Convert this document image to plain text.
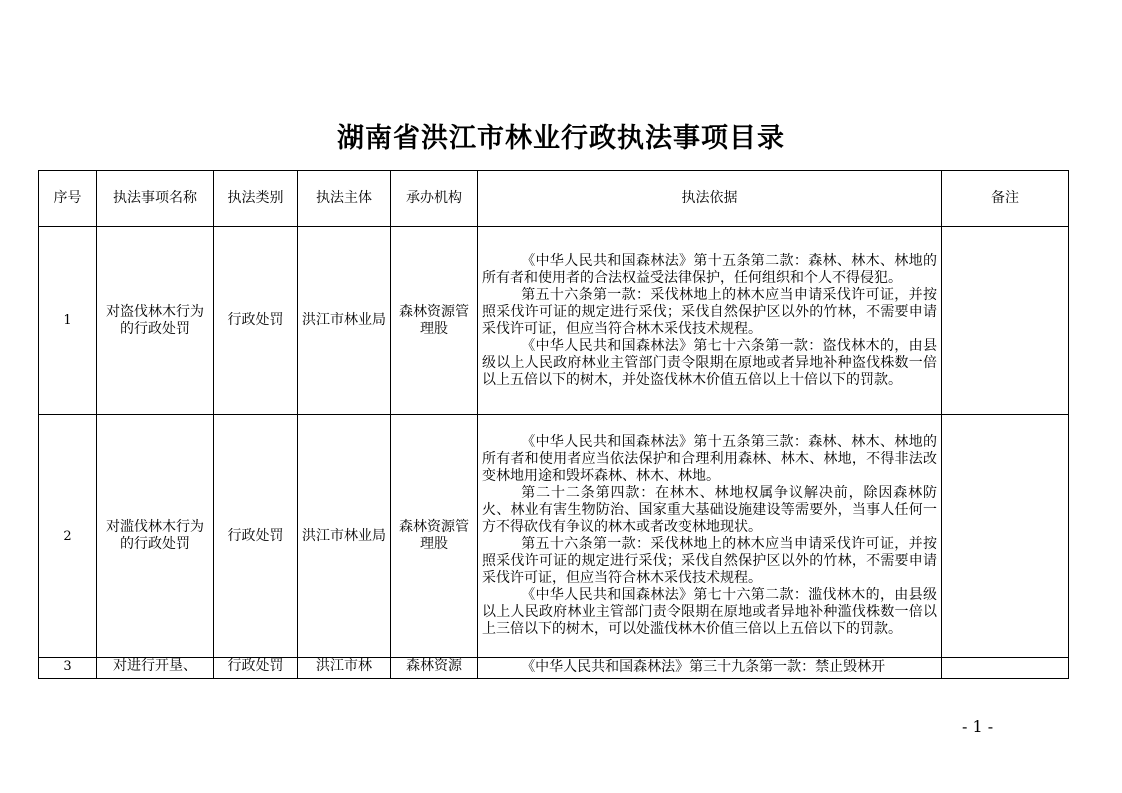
湖南省洪江市林业行政执法事项目录
序号	执法事项名称	执法类别	执法主体	承办机构	执法依据	备注
1	对盗伐林木行为的行政处罚	行政处罚	洪江市林业局	森林资源管理股	《中华人民共和国森林法》第十五条第二款：森林、林木、林地的所有者和使用者的合法权益受法律保护，任何组织和个人不得侵犯。

第五十六条第一款：采伐林地上的林木应当申请采伐许可证，并按照采伐许可证的规定进行采伐；采伐自然保护区以外的竹林，不需要申请采伐许可证，但应当符合林木采伐技术规程。

《中华人民共和国森林法》第七十六条第一款：盗伐林木的，由县级以上人民政府林业主管部门责令限期在原地或者异地补种盗伐株数一倍以上五倍以下的树木，并处盗伐林木价值五倍以上十倍以下的罚款。	

2	对滥伐林木行为的行政处罚	行政处罚	洪江市林业局	森林资源管理股	《中华人民共和国森林法》第十五条第三款：森林、林木、林地的所有者和使用者应当依法保护和合理利用森林、林木、林地，不得非法改变林地用途和毁坏森林、林木、林地。

第二十二条第四款：在林木、林地权属争议解决前，除因森林防火、林业有害生物防治、国家重大基础设施建设等需要外，当事人任何一方不得砍伐有争议的林木或者改变林地现状。

第五十六条第一款：采伐林地上的林木应当申请采伐许可证，并按照采伐许可证的规定进行采伐；采伐自然保护区以外的竹林，不需要申请采伐许可证，但应当符合林木采伐技术规程。

《中华人民共和国森林法》第七十六第二款：滥伐林木的，由县级以上人民政府林业主管部门责令限期在原地或者异地补种滥伐株数一倍以上三倍以下的树木，可以处滥伐林木价值三倍以上五倍以下的罚款。	

3	对进行开垦、	行政处罚	洪江市林	森林资源	《中华人民共和国森林法》第三十九条第一款：禁止毁林开	

- 1 -
